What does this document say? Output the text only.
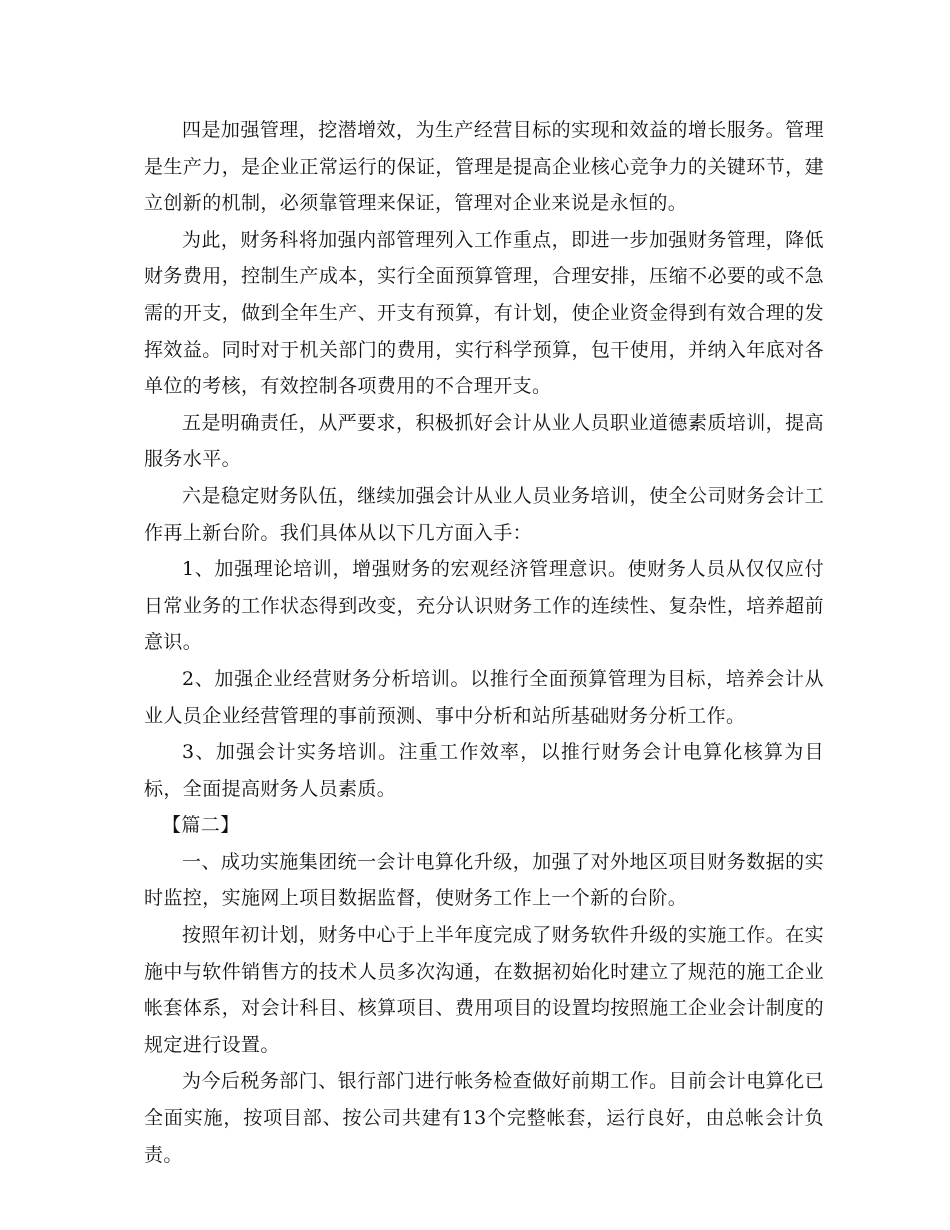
四是加强管理，挖潜增效，为生产经营目标的实现和效益的增长服务。管理是生产力，是企业正常运行的保证，管理是提高企业核心竞争力的关键环节，建立创新的机制，必须靠管理来保证，管理对企业来说是永恒的。

为此，财务科将加强内部管理列入工作重点，即进一步加强财务管理，降低财务费用，控制生产成本，实行全面预算管理，合理安排，压缩不必要的或不急需的开支，做到全年生产、开支有预算，有计划，使企业资金得到有效合理的发挥效益。同时对于机关部门的费用，实行科学预算，包干使用，并纳入年底对各单位的考核，有效控制各项费用的不合理开支。

五是明确责任，从严要求，积极抓好会计从业人员职业道德素质培训，提高服务水平。

六是稳定财务队伍，继续加强会计从业人员业务培训，使全公司财务会计工作再上新台阶。我们具体从以下几方面入手：

1、加强理论培训，增强财务的宏观经济管理意识。使财务人员从仅仅应付日常业务的工作状态得到改变，充分认识财务工作的连续性、复杂性，培养超前意识。

2、加强企业经营财务分析培训。以推行全面预算管理为目标，培养会计从业人员企业经营管理的事前预测、事中分析和站所基础财务分析工作。

3、加强会计实务培训。注重工作效率，以推行财务会计电算化核算为目标，全面提高财务人员素质。

【篇二】

一、成功实施集团统一会计电算化升级，加强了对外地区项目财务数据的实时监控，实施网上项目数据监督，使财务工作上一个新的台阶。

按照年初计划，财务中心于上半年度完成了财务软件升级的实施工作。在实施中与软件销售方的技术人员多次沟通，在数据初始化时建立了规范的施工企业帐套体系，对会计科目、核算项目、费用项目的设置均按照施工企业会计制度的规定进行设置。

为今后税务部门、银行部门进行帐务检查做好前期工作。目前会计电算化已全面实施，按项目部、按公司共建有13个完整帐套，运行良好，由总帐会计负责。
